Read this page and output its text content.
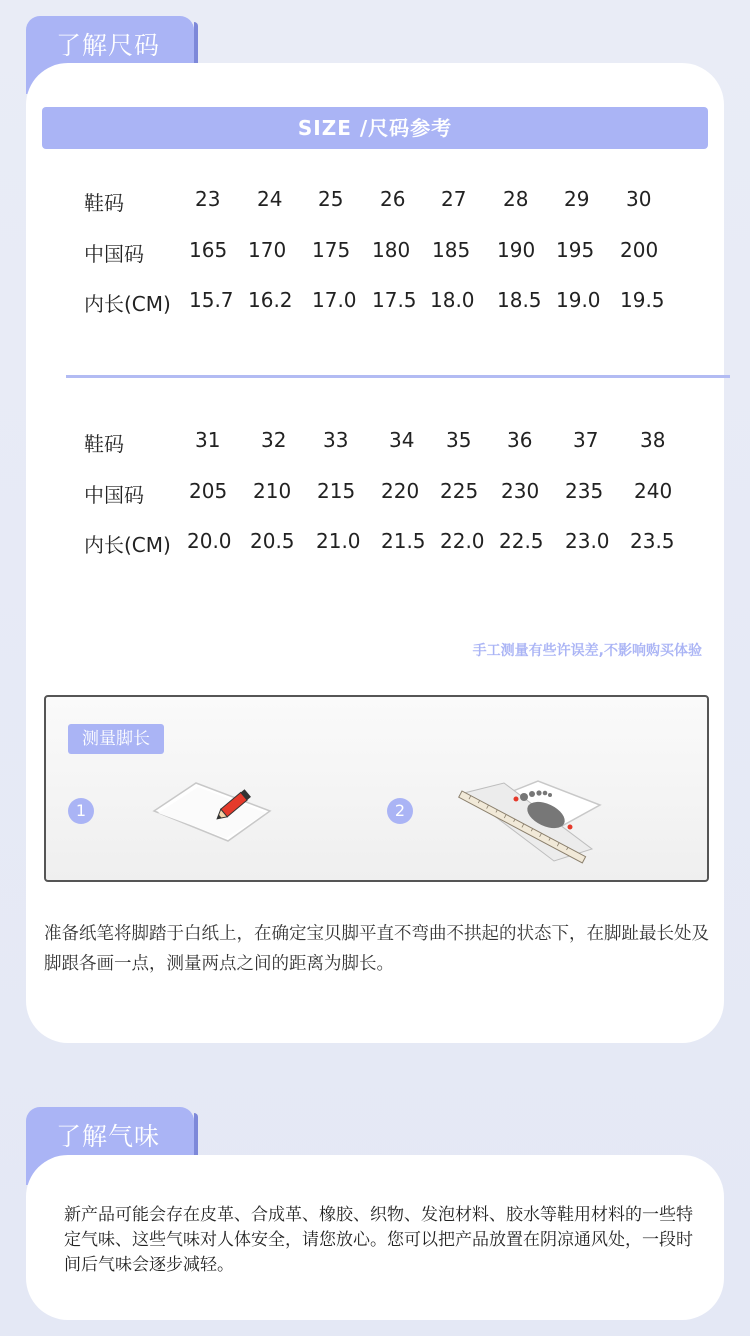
了解尺码
SIZE /尺码参考
鞋码	23 24 25 26 27 28 29 30
中国码 165 170 175 180 185 190 195 200
内长(CM) 15.7 16.2 17.0 17.5 18.0 18.5 19.0 19.5
鞋码	31 32 33 34 35 36 37 38
中国码 205 210 215 220 225 230 235 240
内长(CM) 20.0 20.5 21.0 21.5 22.0 22.5 23.0 23.5
手工测量有些许误差,不影响购买体验
测量脚长
1	2
准备纸笔将脚踏于白纸上，在确定宝贝脚平直不弯曲不拱起的状态下，在脚趾最长处及脚跟各画一点，测量两点之间的距离为脚长。
了解气味
新产品可能会存在皮革、合成革、橡胶、织物、发泡材料、胶水等鞋用材料的一些特定气味、这些气味对人体安全，请您放心。您可以把产品放置在阴凉通风处，一段时间后气味会逐步减轻。
